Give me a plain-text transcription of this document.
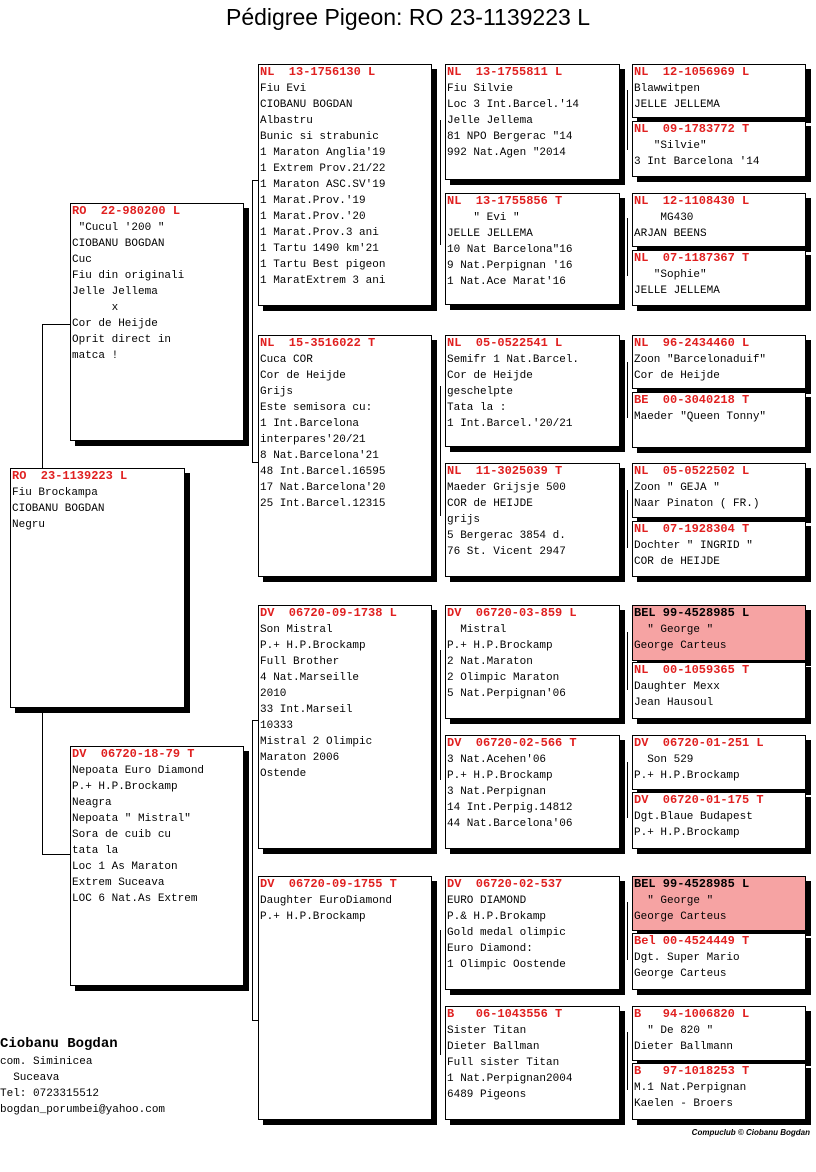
Pédigree Pigeon: RO 23-1139223 L
RO  23-1139223 L
Fiu Brockampa
CIOBANU BOGDAN
Negru
RO  22-980200 L
"Cucul '200 "
CIOBANU BOGDAN
Cuc
Fiu din originali
Jelle Jellema
x
Cor de Heijde
Oprit direct in
matca !
DV  06720-18-79 T
Nepoata Euro Diamond
P.+ H.P.Brockamp
Neagra
Nepoata " Mistral"
Sora de cuib cu
tata la
Loc 1 As Maraton
Extrem Suceava
LOC 6 Nat.As Extrem
NL  13-1756130 L
Fiu Evi
CIOBANU BOGDAN
Albastru
Bunic si strabunic
1 Maraton Anglia'19
1 Extrem Prov.21/22
1 Maraton ASC.SV'19
1 Marat.Prov.'19
1 Marat.Prov.'20
1 Marat.Prov.3 ani
1 Tartu 1490 km'21
1 Tartu Best pigeon
1 MaratExtrem 3 ani
NL  15-3516022 T
Cuca COR
Cor de Heijde
Grijs
Este semisora cu:
1 Int.Barcelona
interpares'20/21
8 Nat.Barcelona'21
48 Int.Barcel.16595
17 Nat.Barcelona'20
25 Int.Barcel.12315
DV  06720-09-1738 L
Son Mistral
P.+ H.P.Brockamp
Full Brother
4 Nat.Marseille
2010
33 Int.Marseil
10333
Mistral 2 Olimpic
Maraton 2006
Ostende
DV  06720-09-1755 T
Daughter EuroDiamond
P.+ H.P.Brockamp
NL  13-1755811 L
Fiu Silvie
Loc 3 Int.Barcel.'14
Jelle Jellema
81 NPO Bergerac "14
992 Nat.Agen "2014
NL  13-1755856 T
" Evi "
JELLE JELLEMA
10 Nat Barcelona"16
9 Nat.Perpignan '16
1 Nat.Ace Marat'16
NL  05-0522541 L
Semifr 1 Nat.Barcel.
Cor de Heijde
geschelpte
Tata la :
1 Int.Barcel.'20/21
NL  11-3025039 T
Maeder Grijsje 500
COR de HEIJDE
grijs
5 Bergerac 3854 d.
76 St. Vicent 2947
DV  06720-03-859 L
Mistral
P.+ H.P.Brockamp
2 Nat.Maraton
2 Olimpic Maraton
5 Nat.Perpignan'06
DV  06720-02-566 T
3 Nat.Acehen'06
P.+ H.P.Brockamp
3 Nat.Perpignan
14 Int.Perpig.14812
44 Nat.Barcelona'06
DV  06720-02-537
EURO DIAMOND
P.& H.P.Brokamp
Gold medal olimpic
Euro Diamond:
1 Olimpic Oostende
B   06-1043556 T
Sister Titan
Dieter Ballman
Full sister Titan
1 Nat.Perpignan2004
6489 Pigeons
NL  12-1056969 L
Blawwitpen
JELLE JELLEMA
NL  09-1783772 T
"Silvie"
3 Int Barcelona '14
NL  12-1108430 L
MG430
ARJAN BEENS
NL  07-1187367 T
"Sophie"
JELLE JELLEMA
NL  96-2434460 L
Zoon "Barcelonaduif"
Cor de Heijde
BE  00-3040218 T
Maeder "Queen Tonny"
NL  05-0522502 L
Zoon " GEJA "
Naar Pinaton ( FR.)
NL  07-1928304 T
Dochter " INGRID "
COR de HEIJDE
BEL 99-4528985 L
" George "
George Carteus
NL  00-1059365 T
Daughter Mexx
Jean Hausoul
DV  06720-01-251 L
Son 529
P.+ H.P.Brockamp
DV  06720-01-175 T
Dgt.Blaue Budapest
P.+ H.P.Brockamp
BEL 99-4528985 L
" George "
George Carteus
Bel 00-4524449 T
Dgt. Super Mario
George Carteus
B   94-1006820 L
" De 820 "
Dieter Ballmann
B   97-1018253 T
M.1 Nat.Perpignan
Kaelen - Broers
Ciobanu Bogdan
com. Siminicea
Suceava
Tel: 0723315512
bogdan_porumbei@yahoo.com
Compuclub © Ciobanu Bogdan
